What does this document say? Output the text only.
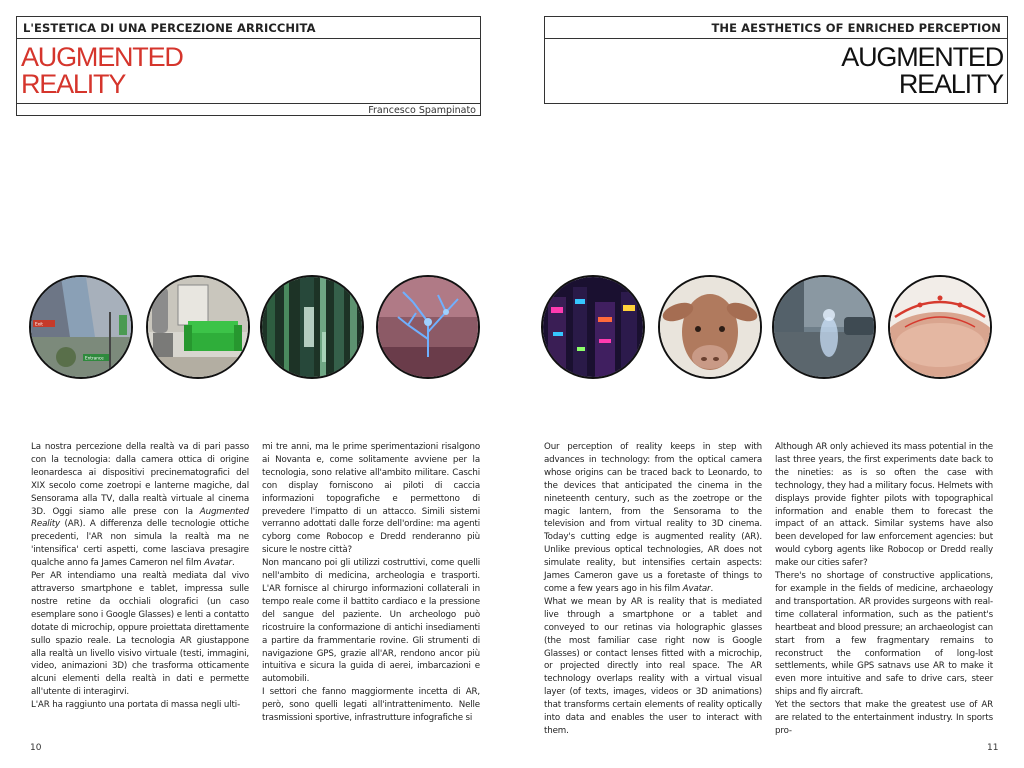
L'ESTETICA DI UNA PERCEZIONE ARRICCHITA
AUGMENTED
REALITY
Francesco Spampinato
Exit
Entrance

La nostra percezione della realtà va di pari passo con la tecnologia: dalla camera ottica di origine leonardesca ai dispositivi precinematografici del XIX secolo come zoetropi e lanterne magiche, dal Sensorama alla TV, dalla realtà virtuale al cinema 3D. Oggi siamo alle prese con la Augmented Reality (AR). A differenza delle tecnologie ottiche precedenti, l'AR non simula la realtà ma ne 'intensifica' certi aspetti, come lasciava presagire qualche anno fa James Cameron nel film Avatar.

Per AR intendiamo una realtà mediata dal vivo attraverso smartphone e tablet, impressa sulle nostre retine da occhiali olografici (un caso esemplare sono i Google Glasses) e lenti a contatto dotate di microchip, oppure proiettata direttamente sullo spazio reale. La tecnologia AR giustappone alla realtà un livello visivo virtuale (testi, immagini, video, animazioni 3D) che trasforma otticamente alcuni elementi della realtà in dati e permette all'utente di interagirvi.

L'AR ha raggiunto una portata di massa negli ulti-

mi tre anni, ma le prime sperimentazioni risalgono ai Novanta e, come solitamente avviene per la tecnologia, sono relative all'ambito militare. Caschi con display forniscono ai piloti di caccia informazioni topografiche e permettono di prevedere l'impatto di un attacco. Simili sistemi verranno adottati dalle forze dell'ordine: ma agenti cyborg come Robocop e Dredd renderanno più sicure le nostre città?

Non mancano poi gli utilizzi costruttivi, come quelli nell'ambito di medicina, archeologia e trasporti. L'AR fornisce al chirurgo informazioni collaterali in tempo reale come il battito cardiaco e la pressione del sangue del paziente. Un archeologo può ricostruire la conformazione di antichi insediamenti a partire da frammentarie rovine. Gli strumenti di navigazione GPS, grazie all'AR, rendono ancor più intuitiva e sicura la guida di aerei, imbarcazioni e automobili.

I settori che fanno maggiormente incetta di AR, però, sono quelli legati all'intrattenimento. Nelle trasmissioni sportive, infrastrutture infografiche si

10
THE AESTHETICS OF ENRICHED PERCEPTION
AUGMENTED
REALITY

Our perception of reality keeps in step with advances in technology: from the optical camera whose origins can be traced back to Leonardo, to the devices that anticipated the cinema in the nineteenth century, such as the zoetrope or the magic lantern, from the Sensorama to the television and from virtual reality to 3D cinema. Today's cutting edge is augmented reality (AR). Unlike previous optical technologies, AR does not simulate reality, but intensifies certain aspects: James Cameron gave us a foretaste of things to come a few years ago in his film Avatar.

What we mean by AR is reality that is mediated live through a smartphone or a tablet and conveyed to our retinas via holographic glasses (the most familiar case right now is Google Glasses) or contact lenses fitted with a microchip, or projected directly into real space. The AR technology overlaps reality with a virtual visual layer (of texts, images, videos or 3D animations) that transforms certain elements of reality optically into data and enables the user to interact with them.

Although AR only achieved its mass potential in the last three years, the first experiments date back to the nineties: as is so often the case with technology, they had a military focus. Helmets with displays provide fighter pilots with topographical information and enable them to forecast the impact of an attack. Similar systems have also been developed for law enforcement agencies: but would cyborg agents like Robocop or Dredd really make our cities safer?

There's no shortage of constructive applications, for example in the fields of medicine, archaeology and transportation. AR provides surgeons with real-time collateral information, such as the patient's heartbeat and blood pressure; an archaeologist can start from a few fragmentary remains to reconstruct the conformation of long-lost settlements, while GPS satnavs use AR to make it even more intuitive and safe to drive cars, steer ships and fly aircraft.

Yet the sectors that make the greatest use of AR are related to the entertainment industry. In sports pro-

11
